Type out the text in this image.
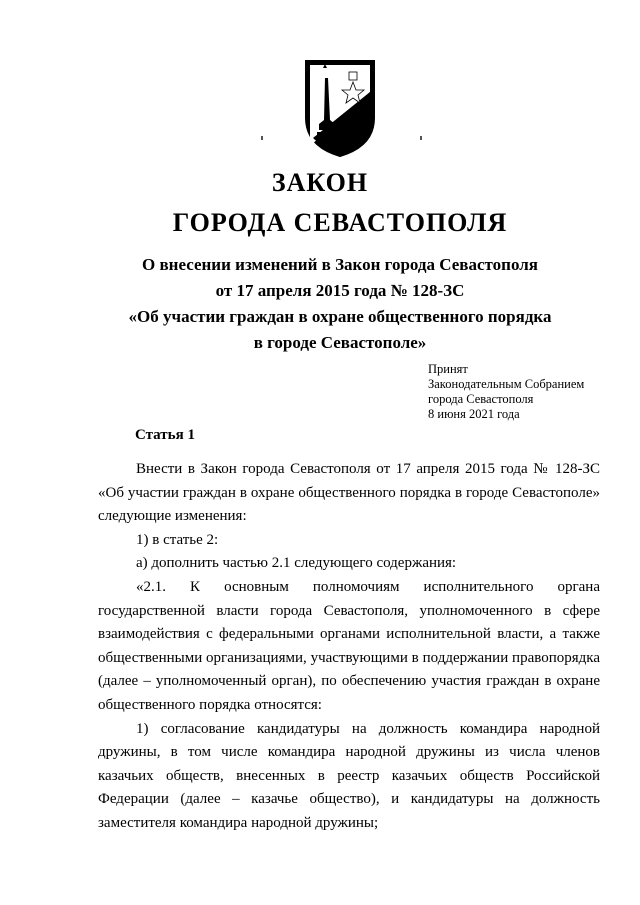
ЗАКОН
ГОРОДА СЕВАСТОПОЛЯ
О внесении изменений в Закон города Севастополя
от 17 апреля 2015 года № 128-ЗС
«Об участии граждан в охране общественного порядка
в городе Севастополе»
Принят
Законодательным Собранием
города Севастополя
8 июня 2021 года
Статья 1

Внести в Закон города Севастополя от 17 апреля 2015 года № 128-ЗС «Об участии граждан в охране общественного порядка в городе Севастополе» следующие изменения:

1) в статье 2:

а) дополнить частью 2.1 следующего содержания:

«2.1. К основным полномочиям исполнительного органа государственной власти города Севастополя, уполномоченного в сфере взаимодействия с федеральными органами исполнительной власти, а также общественными организациями, участвующими в поддержании правопорядка (далее – уполномоченный орган), по обеспечению участия граждан в охране общественного порядка относятся:

1) согласование кандидатуры на должность командира народной дружины, в том числе командира народной дружины из числа членов казачьих обществ, внесенных в реестр казачьих обществ Российской Федерации (далее – казачье общество), и кандидатуры на должность заместителя командира народной дружины;
